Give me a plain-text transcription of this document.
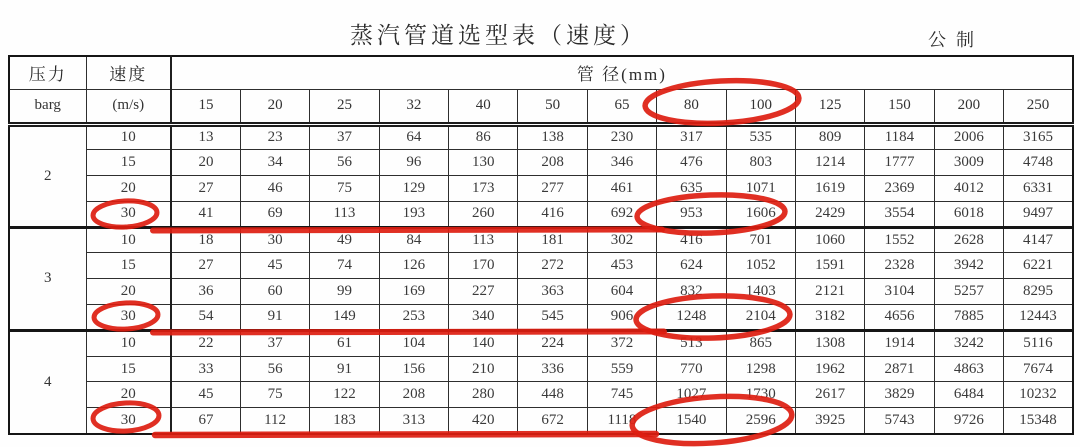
蒸汽管道选型表（速度）	公制
压力	速度	管 径(mm)												
barg	(m/s)	15	20	25	32	40	50	65	80	100	125	150	200	250
2	10	13	23	37	64	86	138	230	317	535	809	1184	2006	3165
	15	20	34	56	96	130	208	346	476	803	1214	1777	3009	4748
	20	27	46	75	129	173	277	461	635	1071	1619	2369	4012	6331
	30	41	69	113	193	260	416	692	953	1606	2429	3554	6018	9497
3	10	18	30	49	84	113	181	302	416	701	1060	1552	2628	4147
	15	27	45	74	126	170	272	453	624	1052	1591	2328	3942	6221
	20	36	60	99	169	227	363	604	832	1403	2121	3104	5257	8295
	30	54	91	149	253	340	545	906	1248	2104	3182	4656	7885	12443
4	10	22	37	61	104	140	224	372	513	865	1308	1914	3242	5116
	15	33	56	91	156	210	336	559	770	1298	1962	2871	4863	7674
	20	45	75	122	208	280	448	745	1027	1730	2617	3829	6484	10232
	30	67	112	183	313	420	672	1118	1540	2596	3925	5743	9726	15348
